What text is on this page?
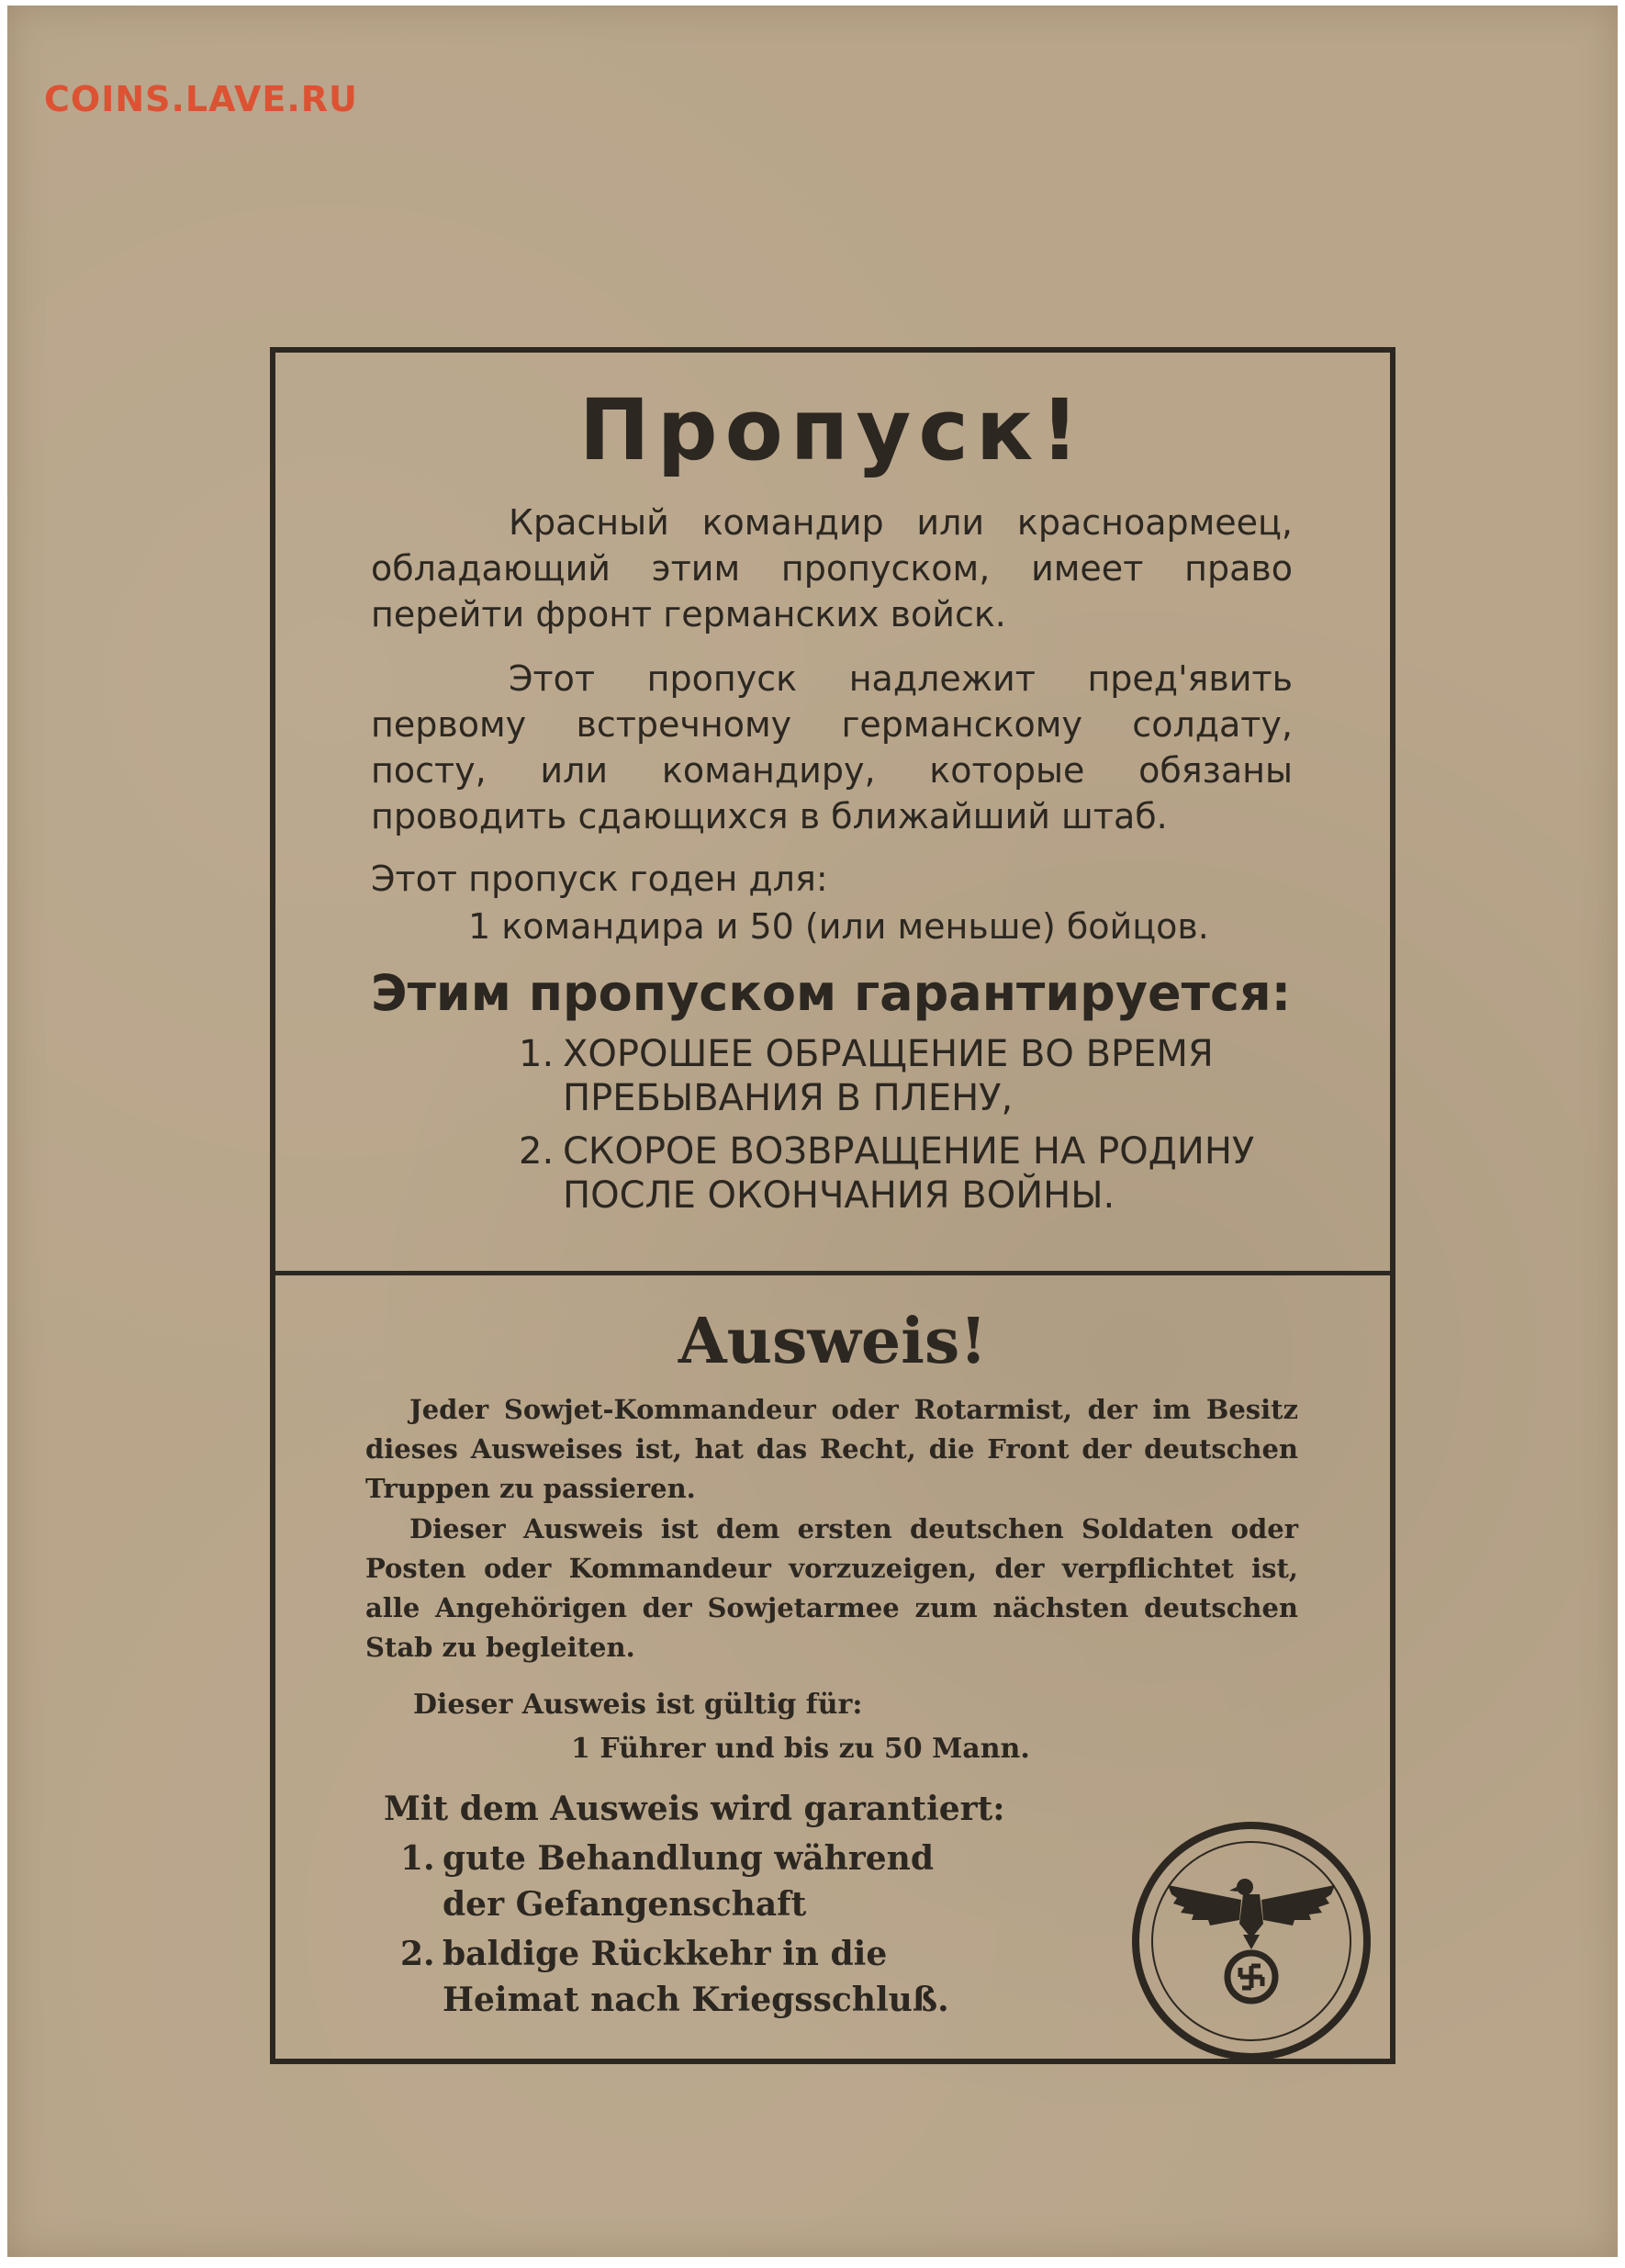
COINS.LAVE.RU
Пропуск!
Красный командир или красноармеец, обладающий этим пропуском, имеет право перейти фронт германских войск.
Этот пропуск надлежит пред'явить первому встречному германскому солдату, посту, или командиру, которые обязаны проводить сдающихся в ближайший штаб.
Этот пропуск годен для:
1 командира и 50 (или меньше) бойцов.
Этим пропуском гарантируется:
1. ХОРОШЕЕ ОБРАЩЕНИЕ ВО ВРЕМЯ ПРЕБЫВАНИЯ В ПЛЕНУ,
2. СКОРОЕ ВОЗВРАЩЕНИЕ НА РОДИНУ ПОСЛЕ ОКОНЧАНИЯ ВОЙНЫ.
Ausweis!
Jeder Sowjet-Kommandeur oder Rotarmist, der im Besitz dieses Ausweises ist, hat das Recht, die Front der deutschen Truppen zu passieren.
Dieser Ausweis ist dem ersten deutschen Soldaten oder Posten oder Kommandeur vorzuzeigen, der verpflichtet ist, alle Angehörigen der Sowjetarmee zum nächsten deutschen Stab zu begleiten.
Dieser Ausweis ist gültig für:
1 Führer und bis zu 50 Mann.
Mit dem Ausweis wird garantiert:
1. gute Behandlung während der Gefangenschaft
2. baldige Rückkehr in die Heimat nach Kriegsschluß.
